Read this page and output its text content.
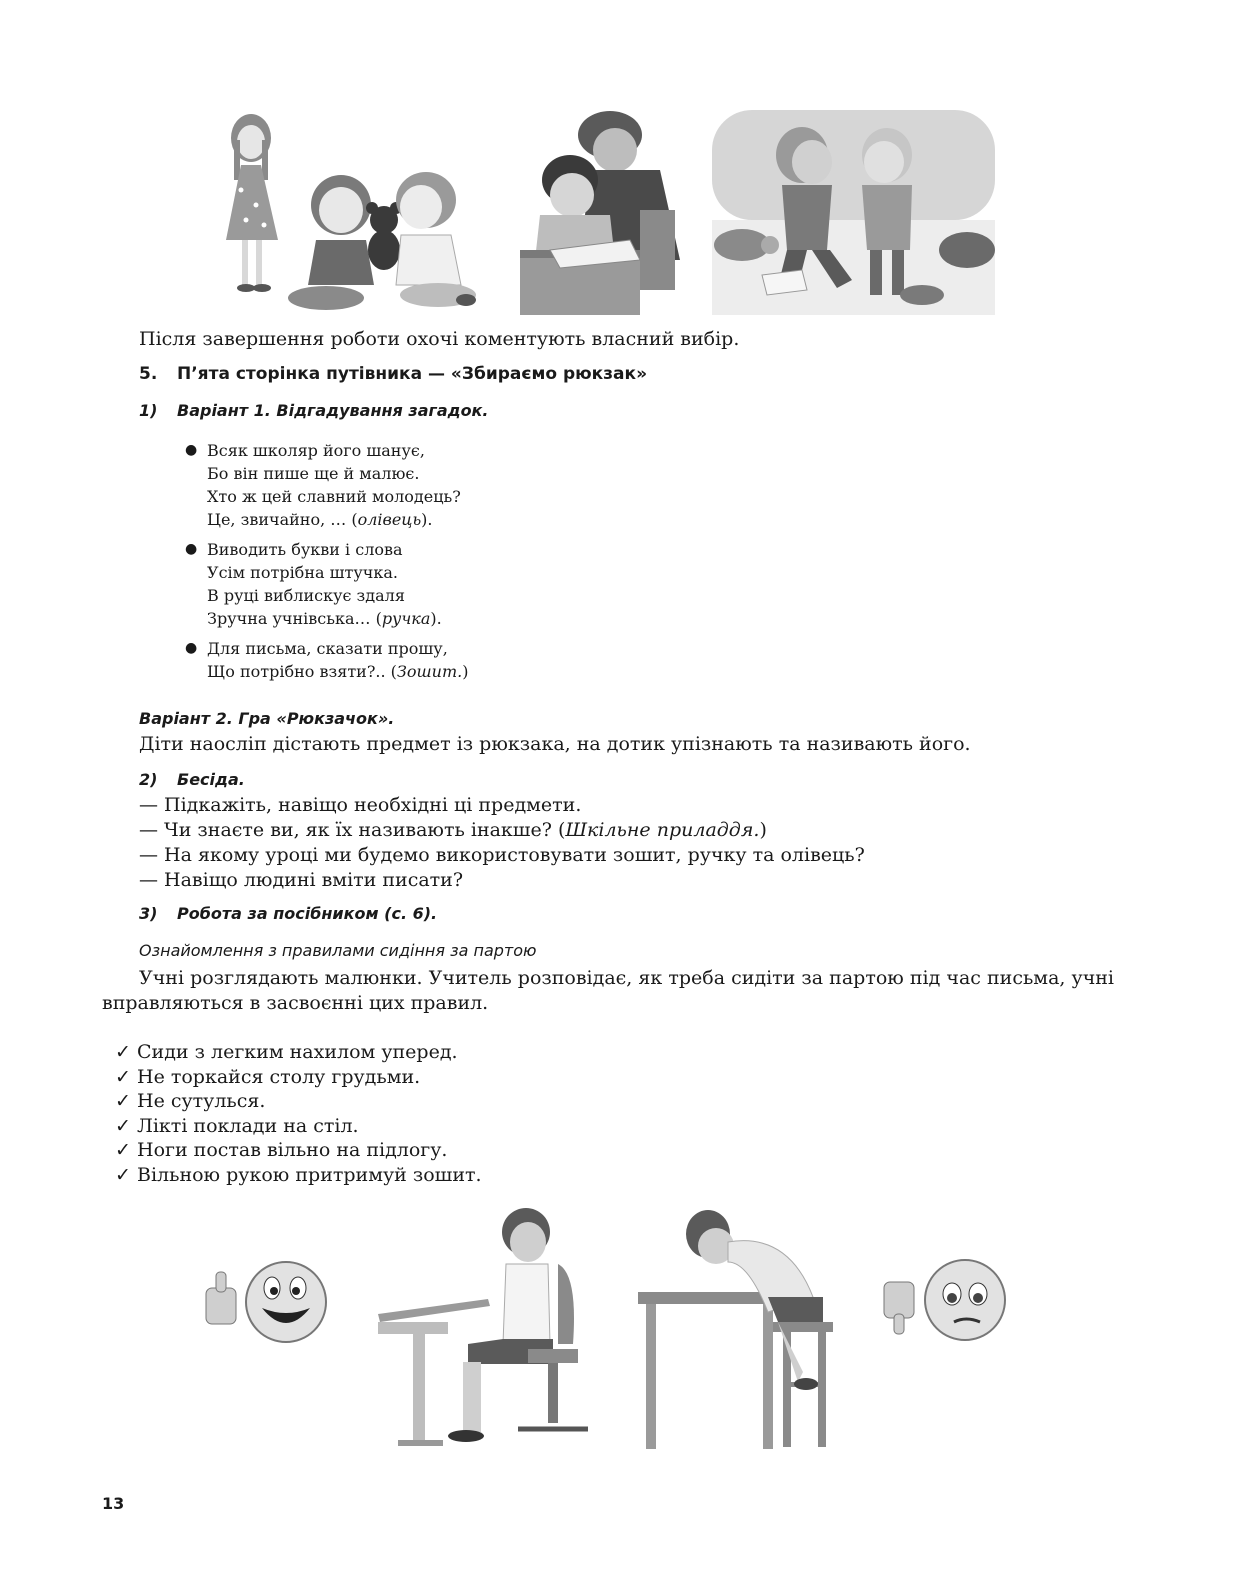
Після завершення роботи охочі коментують власний вибір.
5. П’ята сторінка путівника — «Збираємо рюкзак»
1) Варіант 1. Відгадування загадок.
● Всяк школяр його шанує,
Бо він пише ще й малює.
Хто ж цей славний молодець?
Це, звичайно, … (олівець).
● Виводить букви і слова
Усім потрібна штучка.
В руці виблискує здаля
Зручна учнівська… (ручка).
● Для письма, сказати прошу,
Що потрібно взяти?.. (Зошит.)
Варіант 2. Гра «Рюкзачок».
Діти наосліп дістають предмет із рюкзака, на дотик упізнають та називають його.
2) Бесіда.
— Підкажіть, навіщо необхідні ці предмети.
— Чи знаєте ви, як їх називають інакше? (Шкільне приладдя.)
— На якому уроці ми будемо використовувати зошит, ручку та олівець?
— Навіщо людині вміти писати?
3) Робота за посібником (с. 6).
Ознайомлення з правилами сидіння за партою
Учні розглядають малюнки. Учитель розповідає, як треба сидіти за партою під час письма, учні
вправляються в засвоєнні цих правил.
✓ Сиди з легким нахилом уперед.
✓ Не торкайся столу грудьми.
✓ Не сутулься.
✓ Лікті поклади на стіл.
✓ Ноги постав вільно на підлогу.
✓ Вільною рукою притримуй зошит.
13
